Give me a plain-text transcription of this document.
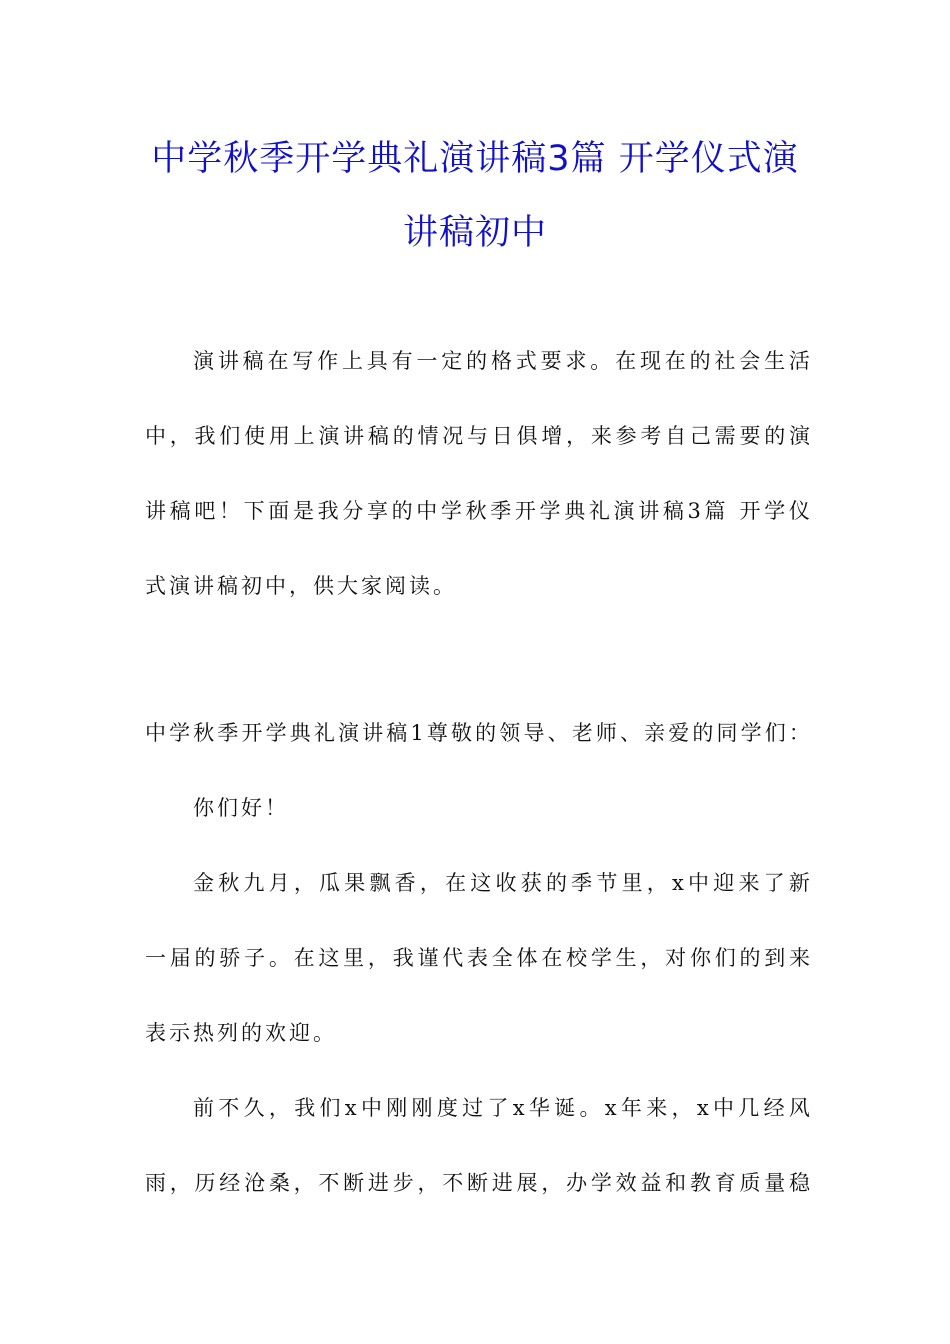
中学秋季开学典礼演讲稿3篇 开学仪式演
讲稿初中
演讲稿在写作上具有一定的格式要求。在现在的社会生活
中，我们使用上演讲稿的情况与日俱增，来参考自己需要的演
讲稿吧！下面是我分享的中学秋季开学典礼演讲稿3篇 开学仪
式演讲稿初中，供大家阅读。
中学秋季开学典礼演讲稿1尊敬的领导、老师、亲爱的同学们：
你们好！
金秋九月，瓜果飘香，在这收获的季节里，x中迎来了新
一届的骄子。在这里，我谨代表全体在校学生，对你们的到来
表示热列的欢迎。
前不久，我们x中刚刚度过了x华诞。x年来，x中几经风
雨，历经沧桑，不断进步，不断进展，办学效益和教育质量稳
